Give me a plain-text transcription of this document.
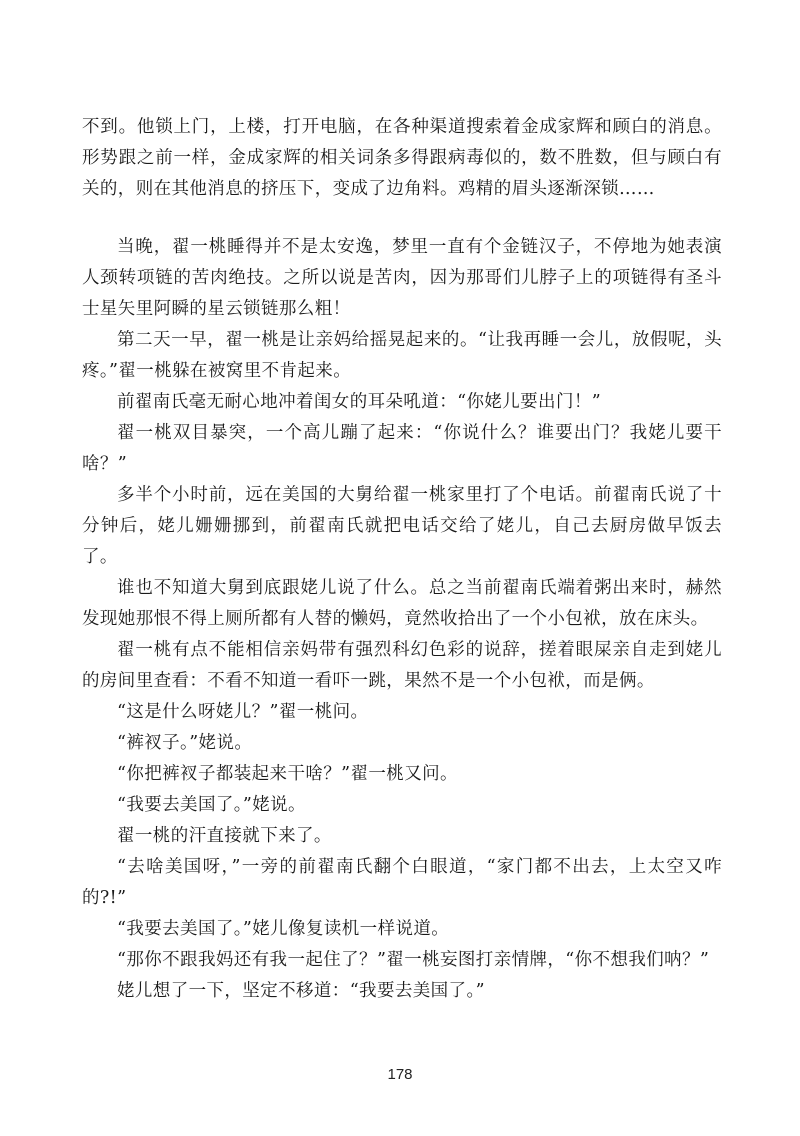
不到。他锁上门，上楼，打开电脑，在各种渠道搜索着金成家辉和顾白的消息。形势跟之前一样，金成家辉的相关词条多得跟病毒似的，数不胜数，但与顾白有关的，则在其他消息的挤压下，变成了边角料。鸡精的眉头逐渐深锁……

当晚，翟一桃睡得并不是太安逸，梦里一直有个金链汉子，不停地为她表演人颈转项链的苦肉绝技。之所以说是苦肉，因为那哥们儿脖子上的项链得有圣斗士星矢里阿瞬的星云锁链那么粗！

第二天一早，翟一桃是让亲妈给摇晃起来的。“让我再睡一会儿，放假呢，头疼。”翟一桃躲在被窝里不肯起来。

前翟南氏毫无耐心地冲着闺女的耳朵吼道：“你姥儿要出门！”

翟一桃双目暴突，一个高儿蹦了起来：“你说什么？谁要出门？我姥儿要干啥？”

多半个小时前，远在美国的大舅给翟一桃家里打了个电话。前翟南氏说了十分钟后，姥儿姗姗挪到，前翟南氏就把电话交给了姥儿，自己去厨房做早饭去了。

谁也不知道大舅到底跟姥儿说了什么。总之当前翟南氏端着粥出来时，赫然发现她那恨不得上厕所都有人替的懒妈，竟然收拾出了一个小包袱，放在床头。

翟一桃有点不能相信亲妈带有强烈科幻色彩的说辞，搓着眼屎亲自走到姥儿的房间里查看：不看不知道一看吓一跳，果然不是一个小包袱，而是俩。

“这是什么呀姥儿？”翟一桃问。

“裤衩子。”姥说。

“你把裤衩子都装起来干啥？”翟一桃又问。

“我要去美国了。”姥说。

翟一桃的汗直接就下来了。

“去啥美国呀，”一旁的前翟南氏翻个白眼道，“家门都不出去，上太空又咋的?!”

“我要去美国了。”姥儿像复读机一样说道。

“那你不跟我妈还有我一起住了？”翟一桃妄图打亲情牌，“你不想我们呐？”

姥儿想了一下，坚定不移道：“我要去美国了。”

178
